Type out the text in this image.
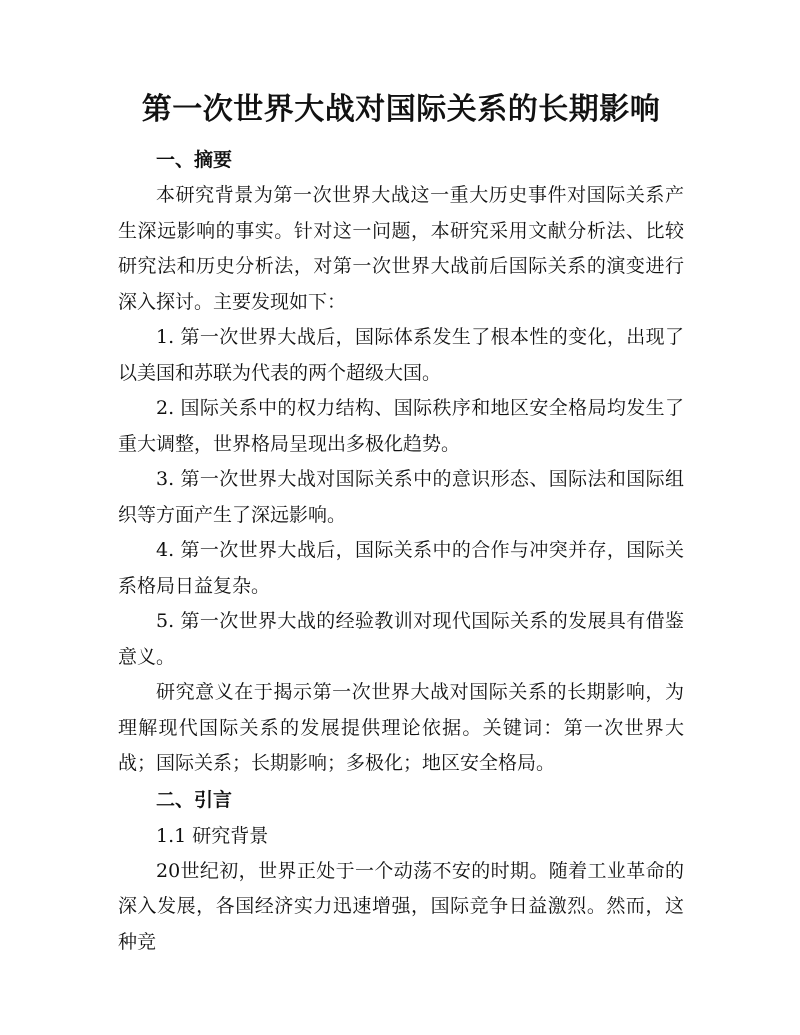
第一次世界大战对国际关系的长期影响

一、摘要

本研究背景为第一次世界大战这一重大历史事件对国际关系产生深远影响的事实。针对这一问题，本研究采用文献分析法、比较研究法和历史分析法，对第一次世界大战前后国际关系的演变进行深入探讨。主要发现如下：

1. 第一次世界大战后，国际体系发生了根本性的变化，出现了以美国和苏联为代表的两个超级大国。

2. 国际关系中的权力结构、国际秩序和地区安全格局均发生了重大调整，世界格局呈现出多极化趋势。

3. 第一次世界大战对国际关系中的意识形态、国际法和国际组织等方面产生了深远影响。

4. 第一次世界大战后，国际关系中的合作与冲突并存，国际关系格局日益复杂。

5. 第一次世界大战的经验教训对现代国际关系的发展具有借鉴意义。

研究意义在于揭示第一次世界大战对国际关系的长期影响，为理解现代国际关系的发展提供理论依据。关键词：第一次世界大战；国际关系；长期影响；多极化；地区安全格局。

二、引言

1.1 研究背景

20世纪初，世界正处于一个动荡不安的时期。随着工业革命的深入发展，各国经济实力迅速增强，国际竞争日益激烈。然而，这种竞
